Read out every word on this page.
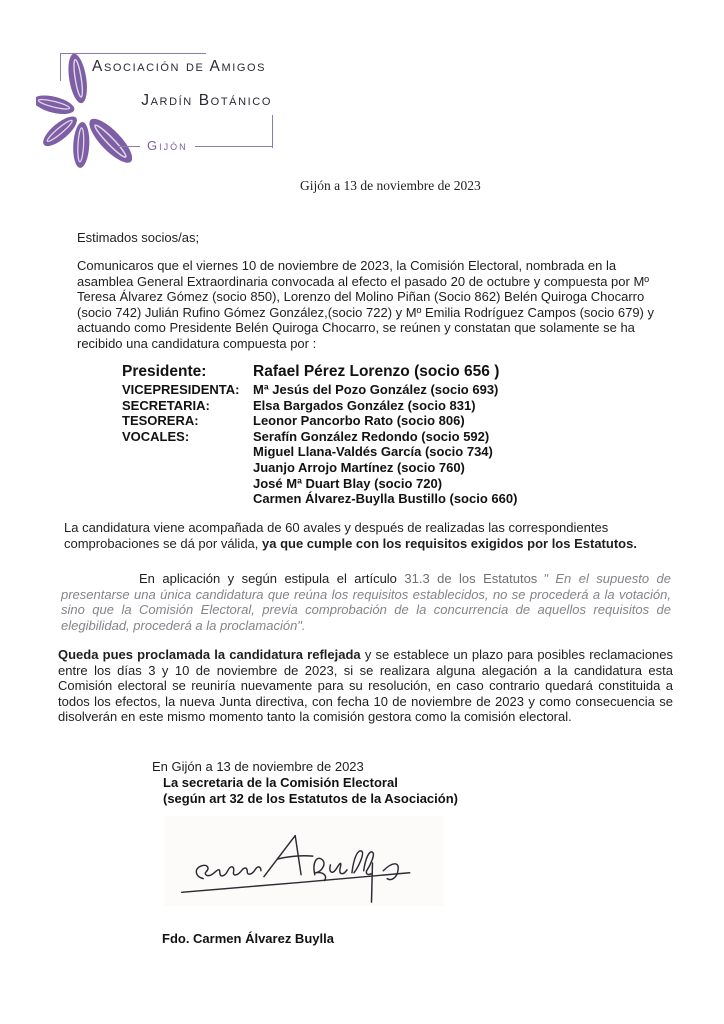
Asociación de Amigos
Jardín Botánico
Gijón
Gijón a 13 de noviembre de 2023
Estimados socios/as;

Comunicaros que el viernes 10 de noviembre de 2023, la Comisión Electoral, nombrada en la asamblea General Extraordinaria convocada al efecto el pasado 20 de octubre y compuesta por Mº Teresa Álvarez Gómez (socio 850), Lorenzo del Molino Piñan (Socio 862) Belén Quiroga Chocarro (socio 742) Julián Rufino Gómez González,(socio 722) y Mº Emilia Rodríguez Campos (socio 679) y actuando como Presidente Belén Quiroga Chocarro, se reúnen y constatan que solamente se ha recibido una candidatura compuesta por :

Presidente:	Rafael Pérez Lorenzo (socio 656 )
VICEPRESIDENTA:	Mª Jesús del Pozo González (socio 693)
SECRETARIA:	Elsa Bargados González (socio 831)
TESORERA:	Leonor Pancorbo Rato (socio 806)
VOCALES:	Serafín González Redondo (socio 592)
Miguel Llana-Valdés García (socio 734)
Juanjo Arrojo Martínez (socio 760)
José Mª Duart Blay (socio 720)
Carmen Álvarez-Buylla Bustillo (socio 660)

La candidatura viene acompañada de 60 avales y después de realizadas las correspondientes comprobaciones se dá por válida, ya que cumple con los requisitos exigidos por los Estatutos.

En aplicación y según estipula el artículo 31.3 de los Estatutos " En el supuesto de presentarse una única candidatura que reúna los requisitos establecidos, no se procederá a la votación, sino que la Comisión Electoral, previa comprobación de la concurrencia de aquellos requisitos de elegibilidad, procederá a la proclamación".

Queda pues proclamada la candidatura reflejada y se establece un plazo para posibles reclamaciones entre los días 3 y 10 de noviembre de 2023, si se realizara alguna alegación a la candidatura esta Comisión electoral se reuniría nuevamente para su resolución, en caso contrario quedará constituida a todos los efectos, la nueva Junta directiva, con fecha 10 de noviembre de 2023 y como consecuencia se disolverán en este mismo momento tanto la comisión gestora como la comisión electoral.

En Gijón a 13 de noviembre de 2023
La secretaria de la Comisión Electoral
(según art 32 de los Estatutos de la Asociación)
Fdo. Carmen Álvarez Buylla
